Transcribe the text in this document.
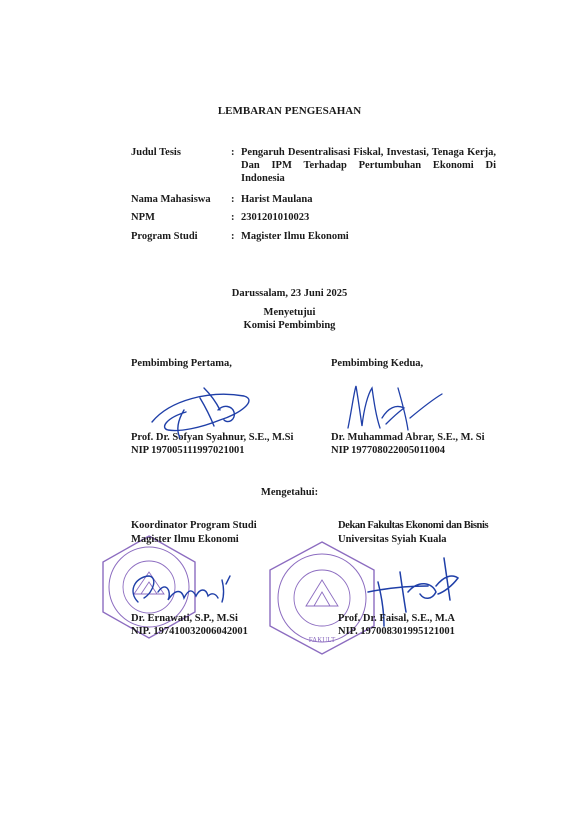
LEMBARAN PENGESAHAN
Judul Tesis	: Pengaruh Desentralisasi Fiskal, Investasi, Tenaga Kerja, Dan IPM Terhadap Pertumbuhan Ekonomi Di Indonesia
Nama Mahasiswa : Harist Maulana
NPM	: 2301201010023
Program Studi	: Magister Ilmu Ekonomi
Darussalam, 23 Juni 2025
Menyetujui
Komisi Pembimbing
Pembimbing Pertama,	Pembimbing Kedua,
Prof. Dr. Sofyan Syahnur, S.E., M.Si
NIP 197005111997021001
Dr. Muhammad Abrar, S.E., M. Si
NIP 197708022005011004
Mengetahui:
FAKULT
Koordinator Program Studi
Magister Ilmu Ekonomi
Dekan Fakultas Ekonomi dan Bisnis
Universitas Syiah Kuala
Dr. Ernawati, S.P., M.Si
NIP. 197410032006042001
Prof. Dr. Faisal, S.E., M.A
NIP. 197008301995121001
